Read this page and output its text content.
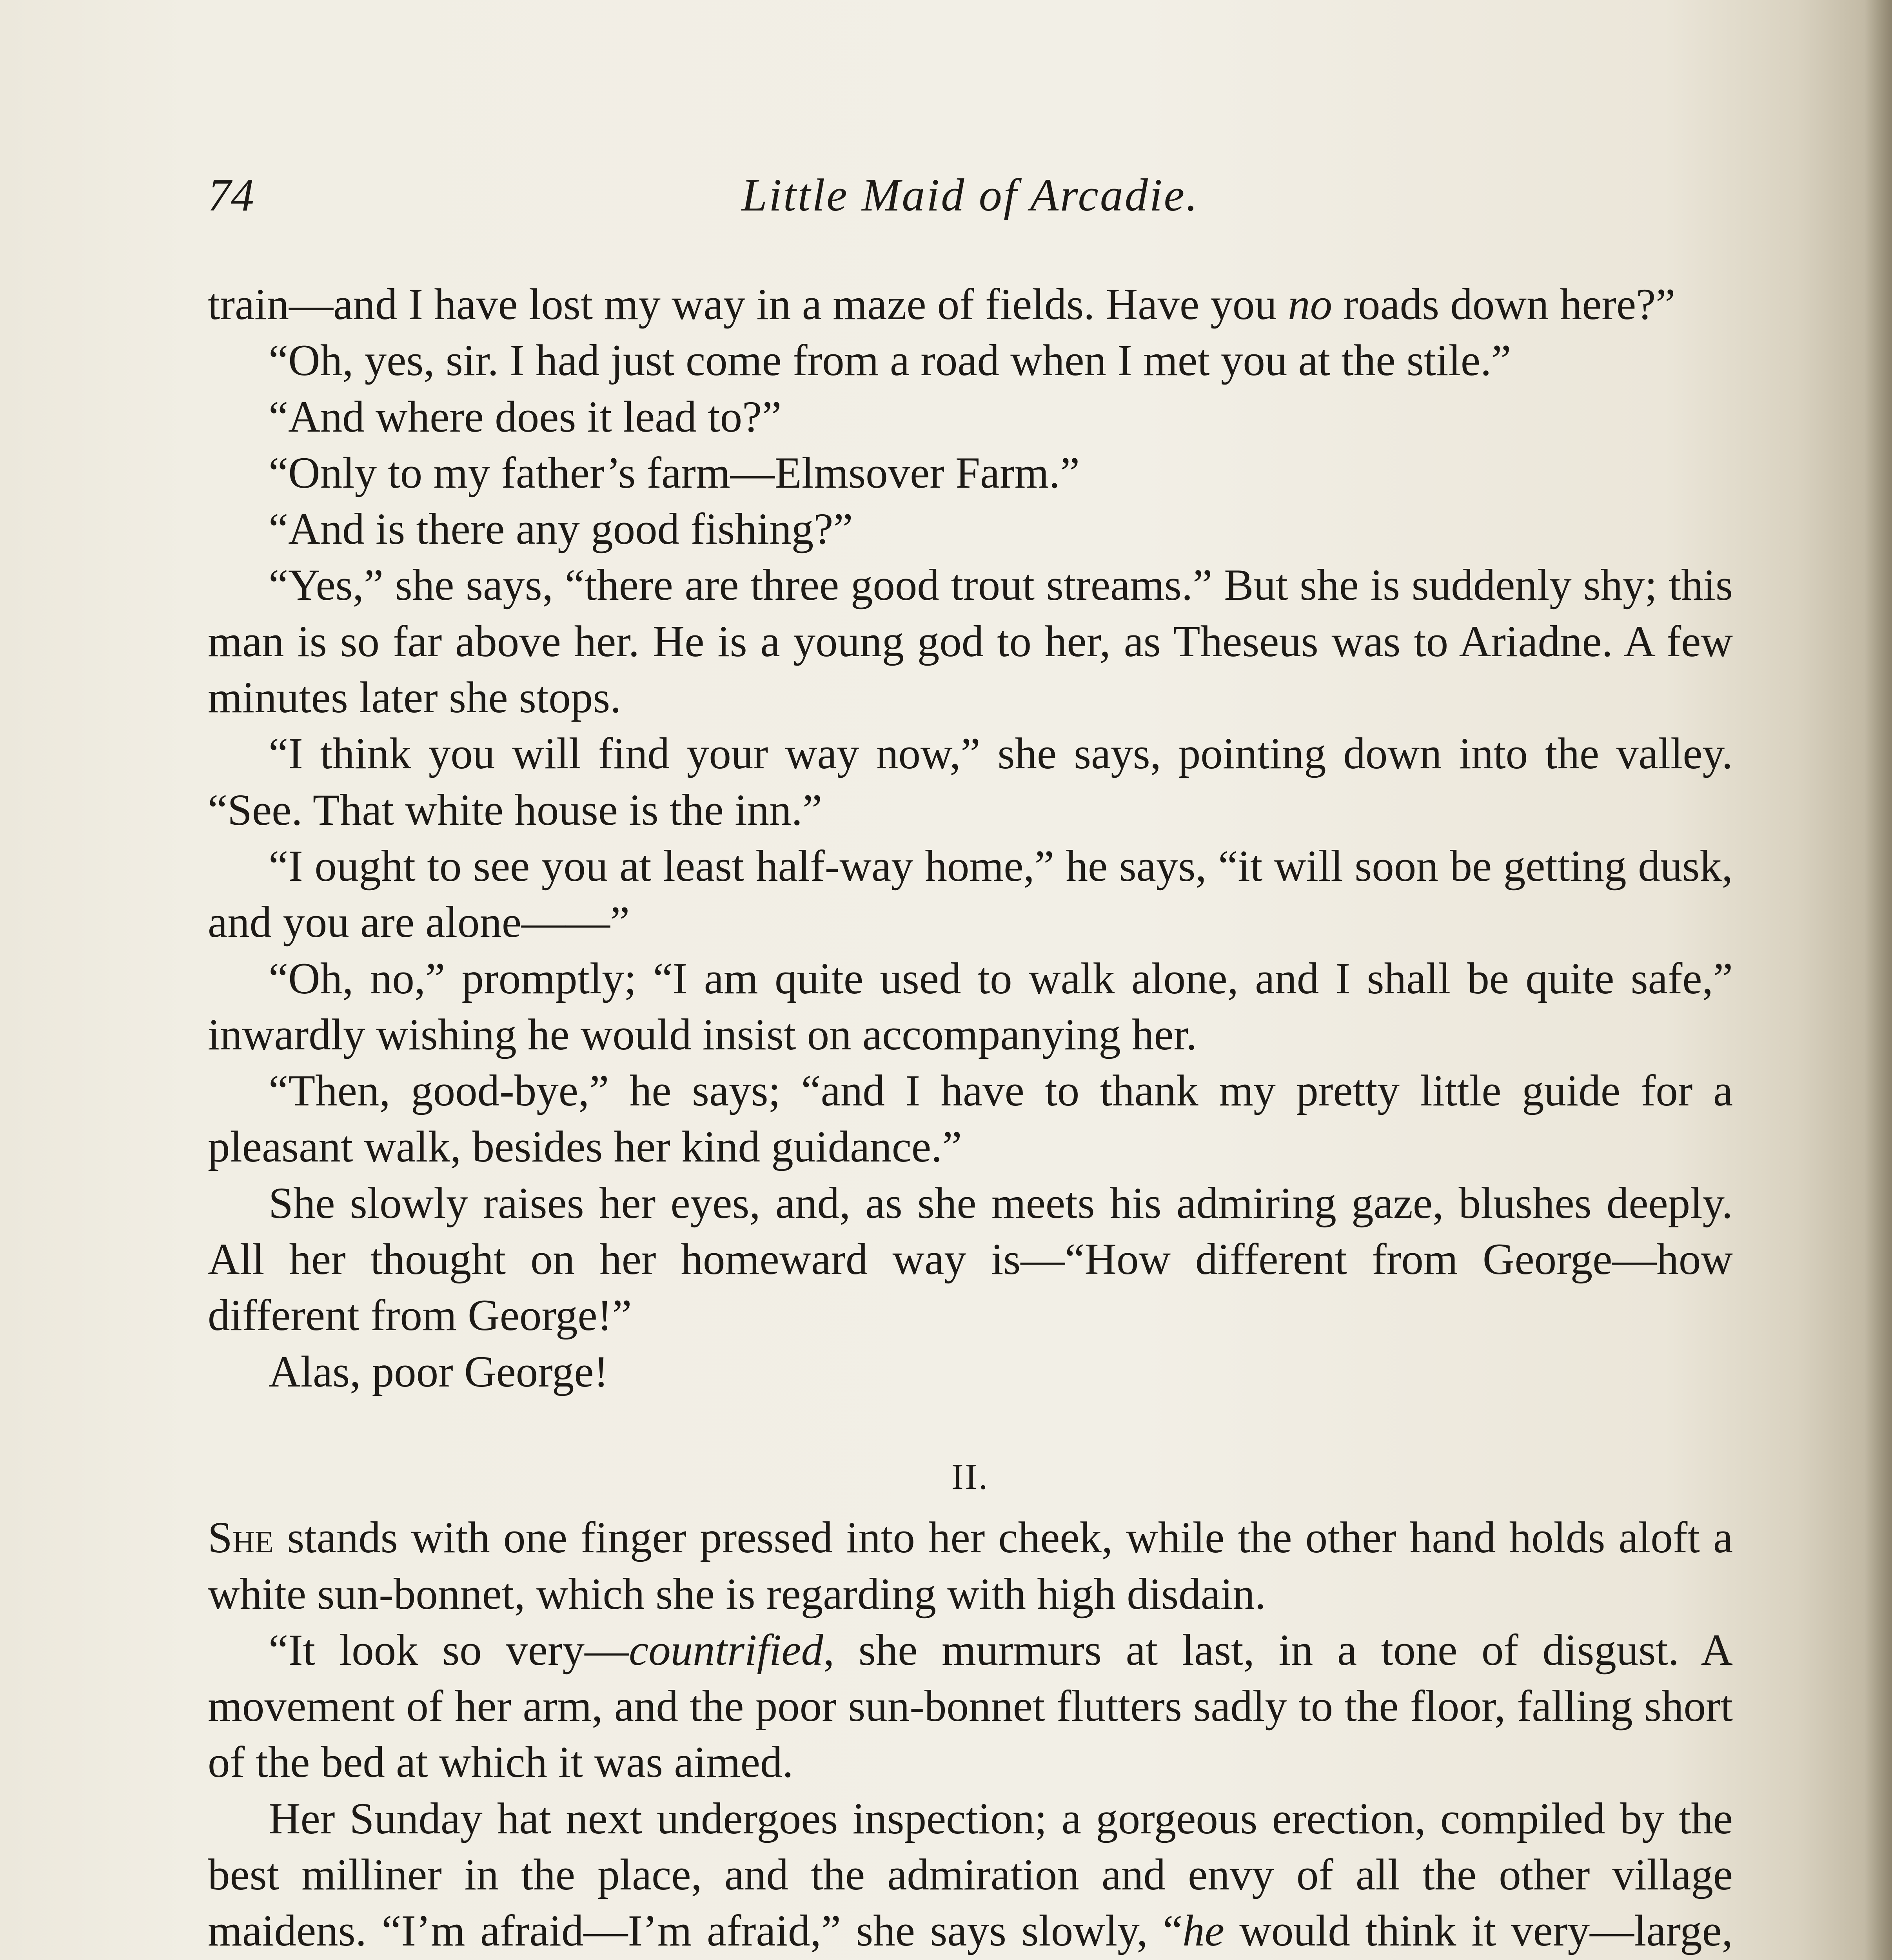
74	Little Maid of Arcadie.

train—and I have lost my way in a maze of fields. Have you no roads down here?”

“Oh, yes, sir. I had just come from a road when I met you at the stile.”

“And where does it lead to?”

“Only to my father’s farm—Elmsover Farm.”

“And is there any good fishing?”

“Yes,” she says, “there are three good trout streams.” But she is suddenly shy; this man is so far above her. He is a young god to her, as Theseus was to Ariadne. A few minutes later she stops.

“I think you will find your way now,” she says, pointing down into the valley. “See. That white house is the inn.”

“I ought to see you at least half-way home,” he says, “it will soon be getting dusk, and you are alone——”

“Oh, no,” promptly; “I am quite used to walk alone, and I shall be quite safe,” inwardly wishing he would insist on accompanying her.

“Then, good-bye,” he says; “and I have to thank my pretty little guide for a pleasant walk, besides her kind guidance.”

She slowly raises her eyes, and, as she meets his admiring gaze, blushes deeply. All her thought on her homeward way is—“How different from George—how different from George!”

Alas, poor George!

II.

She stands with one finger pressed into her cheek, while the other hand holds aloft a white sun-bonnet, which she is regarding with high disdain.

“It look so very—countrified, she murmurs at last, in a tone of disgust. A movement of her arm, and the poor sun-bonnet flutters sadly to the floor, falling short of the bed at which it was aimed.

Her Sunday hat next undergoes inspection; a gorgeous erection, compiled by the best milliner in the place, and the admiration and envy of all the other village maidens. “I’m afraid—I’m afraid,” she says slowly, “he would think it very—large,
